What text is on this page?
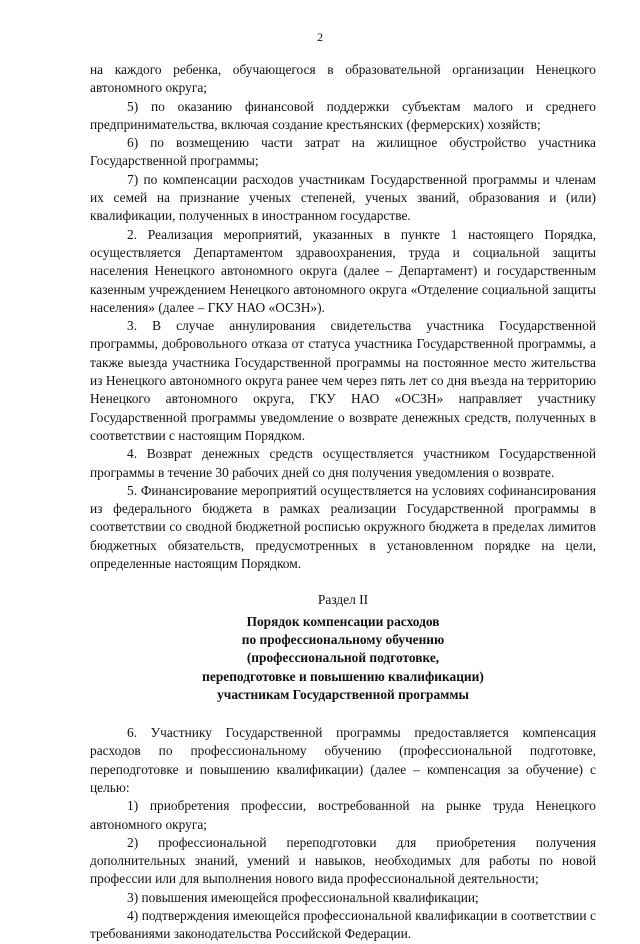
2

на каждого ребенка, обучающегося в образовательной организации Ненецкого автономного округа;

5) по оказанию финансовой поддержки субъектам малого и среднего предпринимательства, включая создание крестьянских (фермерских) хозяйств;

6) по возмещению части затрат на жилищное обустройство участника Государственной программы;

7) по компенсации расходов участникам Государственной программы и членам их семей на признание ученых степеней, ученых званий, образования и (или) квалификации, полученных в иностранном государстве.

2. Реализация мероприятий, указанных в пункте 1 настоящего Порядка, осуществляется Департаментом здравоохранения, труда и социальной защиты населения Ненецкого автономного округа (далее – Департамент) и государственным казенным учреждением Ненецкого автономного округа «Отделение социальной защиты населения» (далее – ГКУ НАО «ОСЗН»).

3. В случае аннулирования свидетельства участника Государственной программы, добровольного отказа от статуса участника Государственной программы, а также выезда участника Государственной программы на постоянное место жительства из Ненецкого автономного округа ранее чем через пять лет со дня въезда на территорию Ненецкого автономного округа, ГКУ НАО «ОСЗН» направляет участнику Государственной программы уведомление о возврате денежных средств, полученных в соответствии с настоящим Порядком.

4. Возврат денежных средств осуществляется участником Государственной программы в течение 30 рабочих дней со дня получения уведомления о возврате.

5. Финансирование мероприятий осуществляется на условиях софинансирования из федерального бюджета в рамках реализации Государственной программы в соответствии со сводной бюджетной росписью окружного бюджета в пределах лимитов бюджетных обязательств, предусмотренных в установленном порядке на цели, определенные настоящим Порядком.

Раздел II
Порядок компенсации расходов
по профессиональному обучению
(профессиональной подготовке,
переподготовке и повышению квалификации)
участникам Государственной программы

6. Участнику Государственной программы предоставляется компенсация расходов по профессиональному обучению (профессиональной подготовке, переподготовке и повышению квалификации) (далее – компенсация за обучение) с целью:

1) приобретения профессии, востребованной на рынке труда Ненецкого автономного округа;

2) профессиональной переподготовки для приобретения получения дополнительных знаний, умений и навыков, необходимых для работы по новой профессии или для выполнения нового вида профессиональной деятельности;

3) повышения имеющейся профессиональной квалификации;

4) подтверждения имеющейся профессиональной квалификации в соответствии с требованиями законодательства Российской Федерации.
